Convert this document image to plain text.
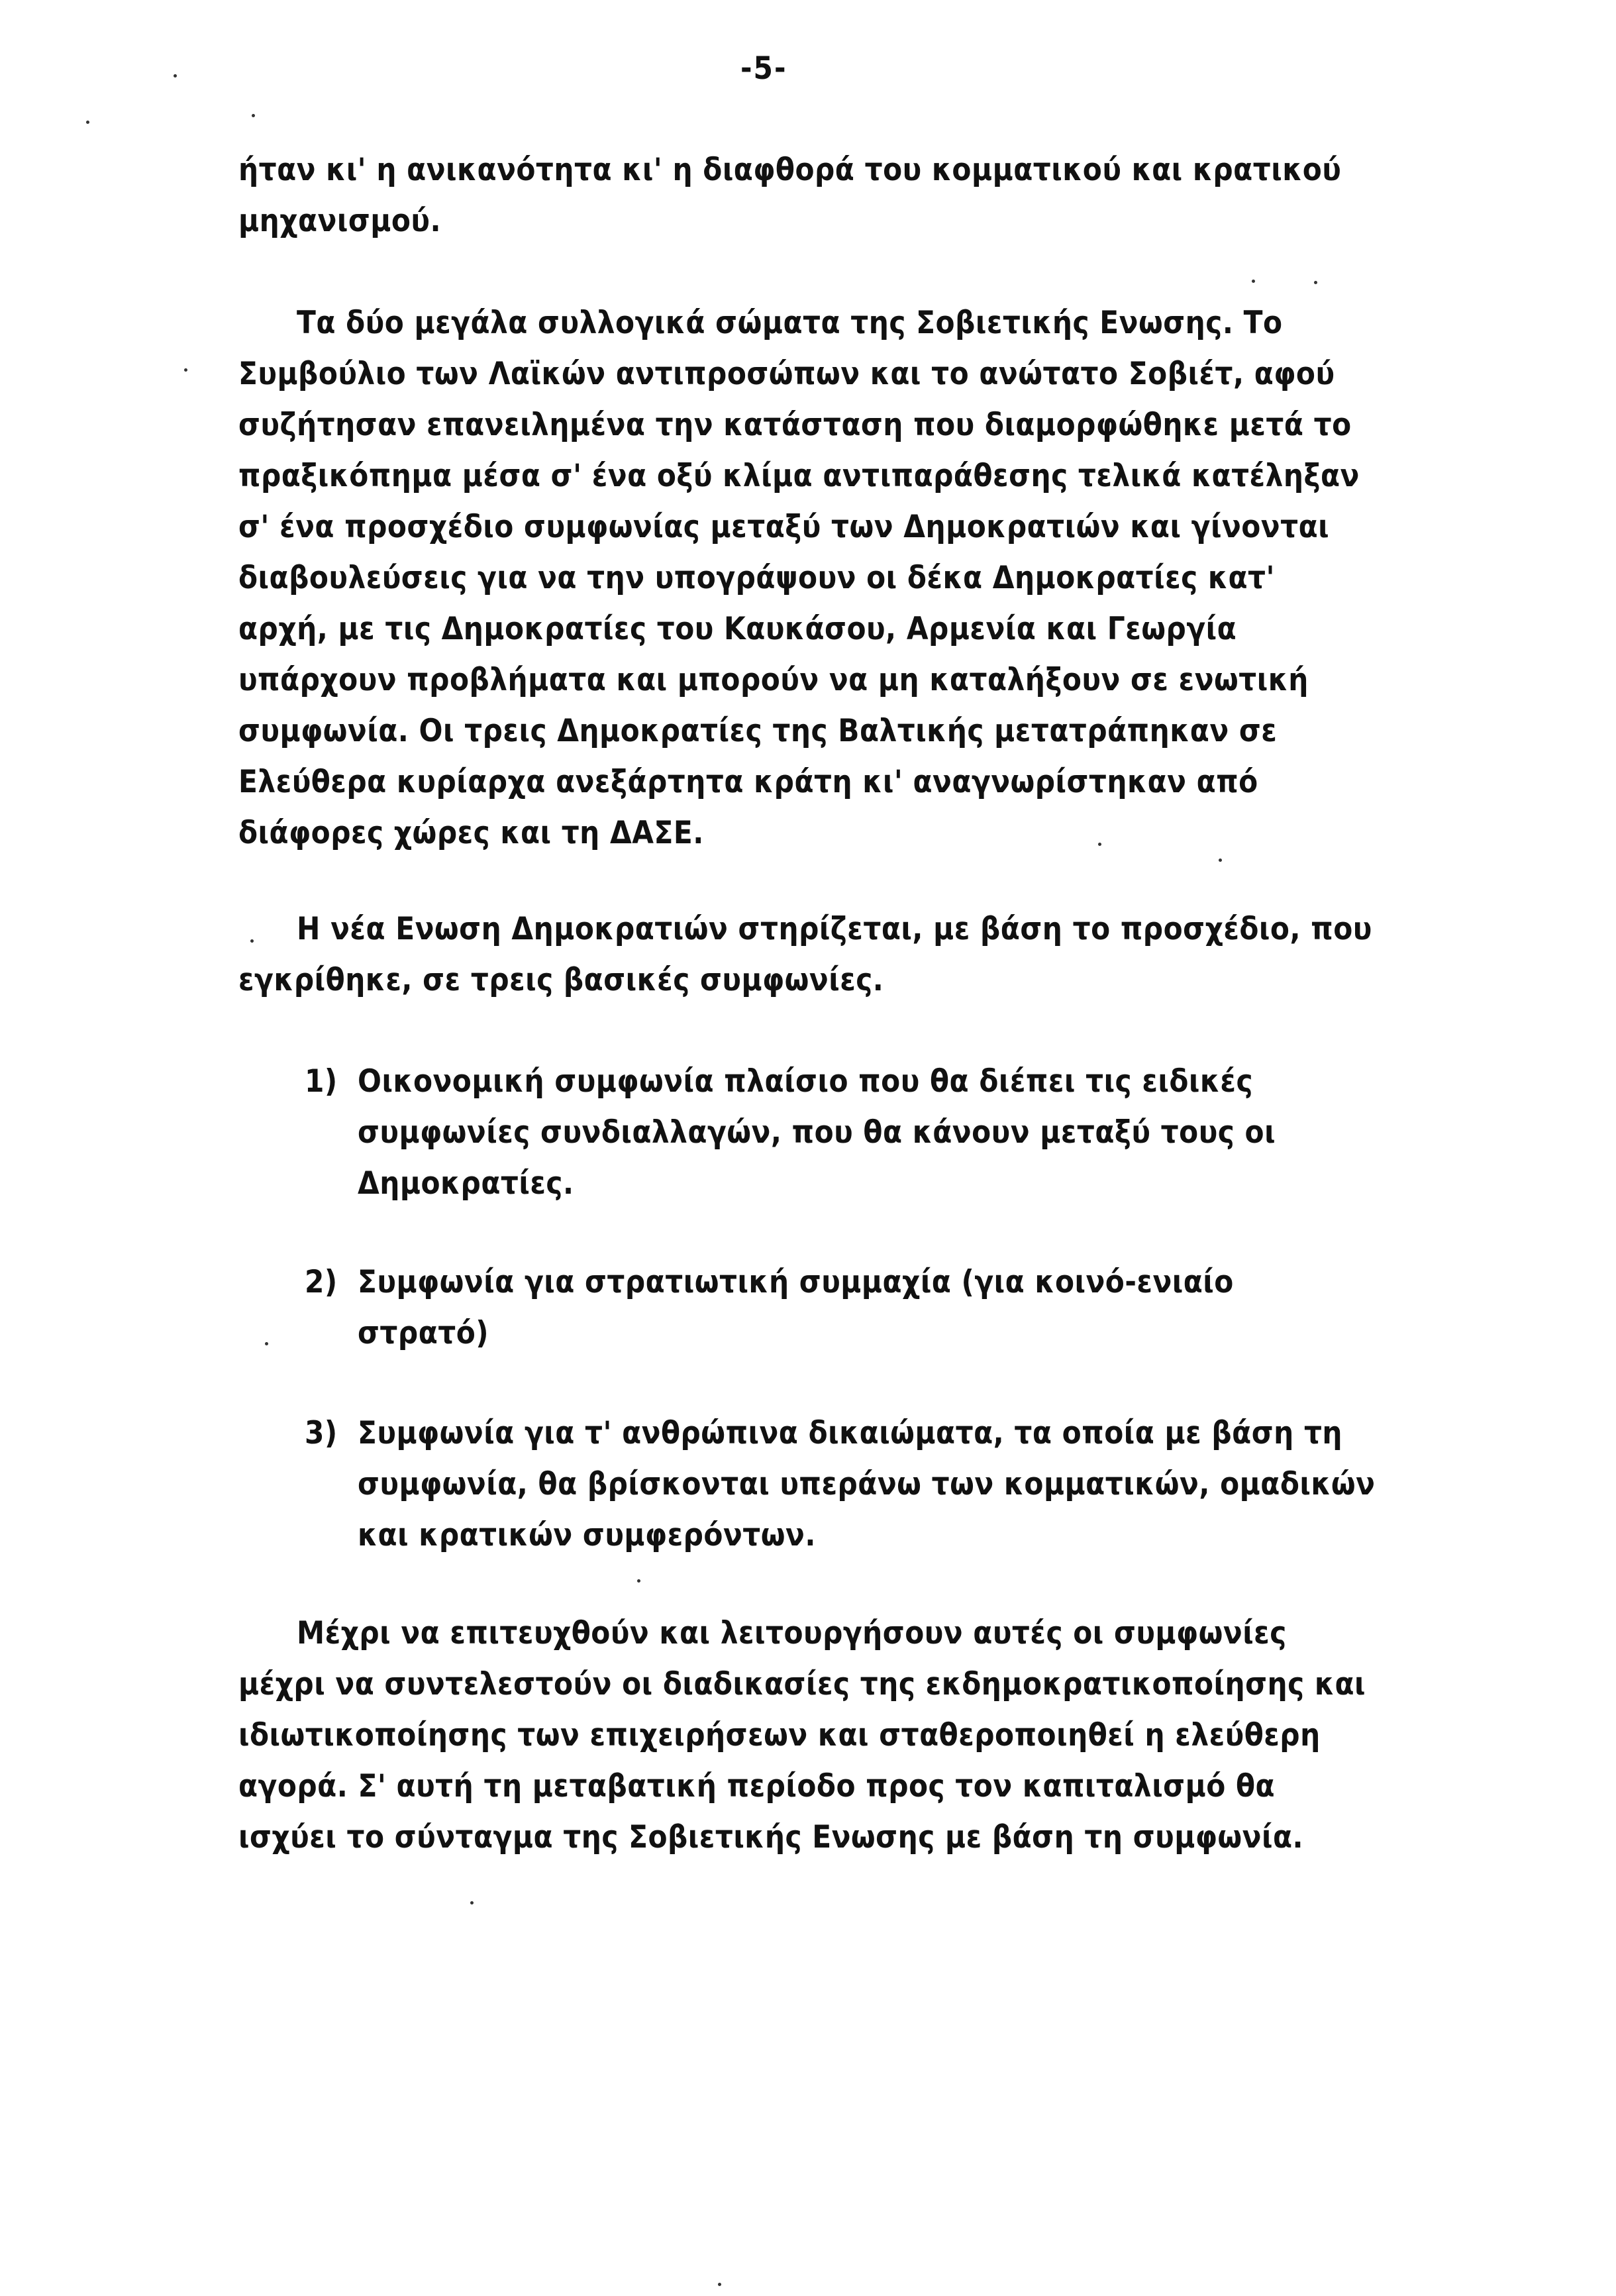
-5-
ήταν κι' η ανικανότητα κι' η διαφθορά του κομματικού και κρατικού
μηχανισμού.
Τα δύο μεγάλα συλλογικά σώματα της Σοβιετικής Ενωσης. Το
Συμβούλιο των Λαϊκών αντιπροσώπων και το ανώτατο Σοβιέτ, αφού
συζήτησαν επανειλημένα την κατάσταση που διαμορφώθηκε μετά το
πραξικόπημα μέσα σ' ένα οξύ κλίμα αντιπαράθεσης τελικά κατέληξαν
σ' ένα προσχέδιο συμφωνίας μεταξύ των Δημοκρατιών και γίνονται
διαβουλεύσεις για να την υπογράψουν οι δέκα Δημοκρατίες κατ'
αρχή, με τις Δημοκρατίες του Καυκάσου, Αρμενία και Γεωργία
υπάρχουν προβλήματα και μπορούν να μη καταλήξουν σε ενωτική
συμφωνία. Οι τρεις Δημοκρατίες της Βαλτικής μετατράπηκαν σε
Ελεύθερα κυρίαρχα ανεξάρτητα κράτη κι' αναγνωρίστηκαν από
διάφορες χώρες και τη ΔΑΣΕ.
Η νέα Ενωση Δημοκρατιών στηρίζεται, με βάση το προσχέδιο, που
εγκρίθηκε, σε τρεις βασικές συμφωνίες.
1) Οικονομική συμφωνία πλαίσιο που θα διέπει τις ειδικές
συμφωνίες συνδιαλλαγών, που θα κάνουν μεταξύ τους οι
Δημοκρατίες.
2) Συμφωνία για στρατιωτική συμμαχία (για κοινό-ενιαίο
στρατό)
3) Συμφωνία για τ' ανθρώπινα δικαιώματα, τα οποία με βάση τη
συμφωνία, θα βρίσκονται υπεράνω των κομματικών, ομαδικών
και κρατικών συμφερόντων.
Μέχρι να επιτευχθούν και λειτουργήσουν αυτές οι συμφωνίες
μέχρι να συντελεστούν οι διαδικασίες της εκδημοκρατικοποίησης και
ιδιωτικοποίησης των επιχειρήσεων και σταθεροποιηθεί η ελεύθερη
αγορά. Σ' αυτή τη μεταβατική περίοδο προς τον καπιταλισμό θα
ισχύει το σύνταγμα της Σοβιετικής Ενωσης με βάση τη συμφωνία.
